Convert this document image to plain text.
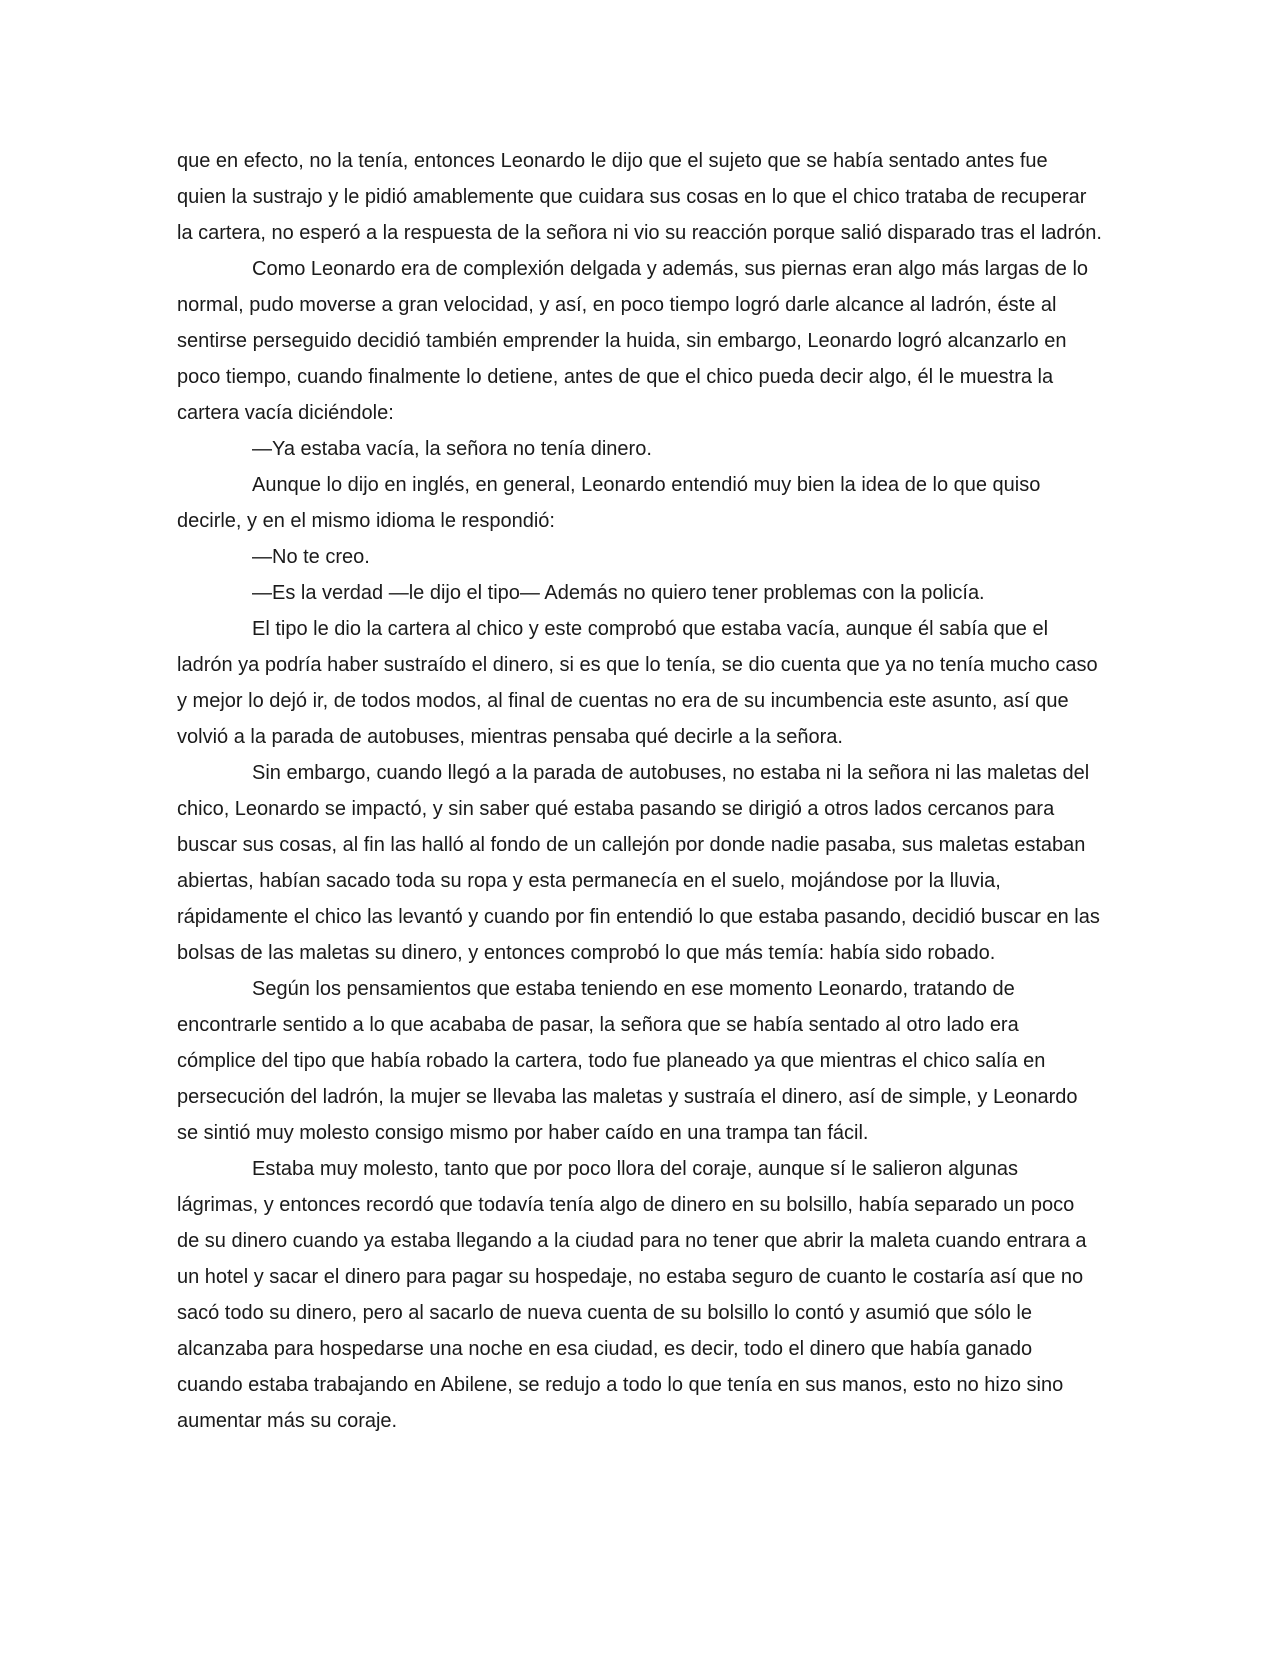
que en efecto, no la tenía, entonces Leonardo le dijo que el sujeto que se había sentado antes fue quien la sustrajo y le pidió amablemente que cuidara sus cosas en lo que el chico trataba de recuperar la cartera, no esperó a la respuesta de la señora ni vio su reacción porque salió disparado tras el ladrón.

Como Leonardo era de complexión delgada y además, sus piernas eran algo más largas de lo normal, pudo moverse a gran velocidad, y así, en poco tiempo logró darle alcance al ladrón, éste al sentirse perseguido decidió también emprender la huida, sin embargo, Leonardo logró alcanzarlo en poco tiempo, cuando finalmente lo detiene, antes de que el chico pueda decir algo, él le muestra la cartera vacía diciéndole:

—Ya estaba vacía, la señora no tenía dinero.

Aunque lo dijo en inglés, en general, Leonardo entendió muy bien la idea de lo que quiso decirle, y en el mismo idioma le respondió:

—No te creo.

—Es la verdad —le dijo el tipo— Además no quiero tener problemas con la policía.

El tipo le dio la cartera al chico y este comprobó que estaba vacía, aunque él sabía que el ladrón ya podría haber sustraído el dinero, si es que lo tenía, se dio cuenta que ya no tenía mucho caso y mejor lo dejó ir, de todos modos, al final de cuentas no era de su incumbencia este asunto, así que volvió a la parada de autobuses, mientras pensaba qué decirle a la señora.

Sin embargo, cuando llegó a la parada de autobuses, no estaba ni la señora ni las maletas del chico, Leonardo se impactó, y sin saber qué estaba pasando se dirigió a otros lados cercanos para buscar sus cosas, al fin las halló al fondo de un callejón por donde nadie pasaba, sus maletas estaban abiertas, habían sacado toda su ropa y esta permanecía en el suelo, mojándose por la lluvia, rápidamente el chico las levantó y cuando por fin entendió lo que estaba pasando, decidió buscar en las bolsas de las maletas su dinero, y entonces comprobó lo que más temía: había sido robado.

Según los pensamientos que estaba teniendo en ese momento Leonardo, tratando de encontrarle sentido a lo que acababa de pasar, la señora que se había sentado al otro lado era cómplice del tipo que había robado la cartera, todo fue planeado ya que mientras el chico salía en persecución del ladrón, la mujer se llevaba las maletas y sustraía el dinero, así de simple, y Leonardo se sintió muy molesto consigo mismo por haber caído en una trampa tan fácil.

Estaba muy molesto, tanto que por poco llora del coraje, aunque sí le salieron algunas lágrimas, y entonces recordó que todavía tenía algo de dinero en su bolsillo, había separado un poco de su dinero cuando ya estaba llegando a la ciudad para no tener que abrir la maleta cuando entrara a un hotel y sacar el dinero para pagar su hospedaje, no estaba seguro de cuanto le costaría así que no sacó todo su dinero, pero al sacarlo de nueva cuenta de su bolsillo lo contó y asumió que sólo le alcanzaba para hospedarse una noche en esa ciudad, es decir, todo el dinero que había ganado cuando estaba trabajando en Abilene, se redujo a todo lo que tenía en sus manos, esto no hizo sino aumentar más su coraje.
